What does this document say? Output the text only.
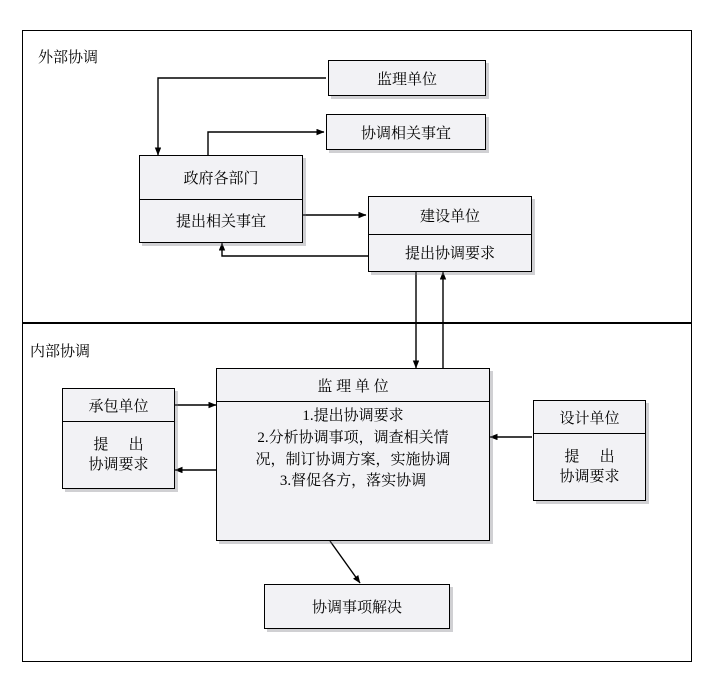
外部协调
内部协调
监理单位
协调相关事宜
政府各部门
提出相关事宜	建设单位
提出协调要求
监 理 单 位
1.提出协调要求
2.分析协调事项，调查相关情
况，制订协调方案，实施协调
3.督促各方，落实协调
承包单位
提 出
协调要求
设计单位
提 出
协调要求
协调事项解决
